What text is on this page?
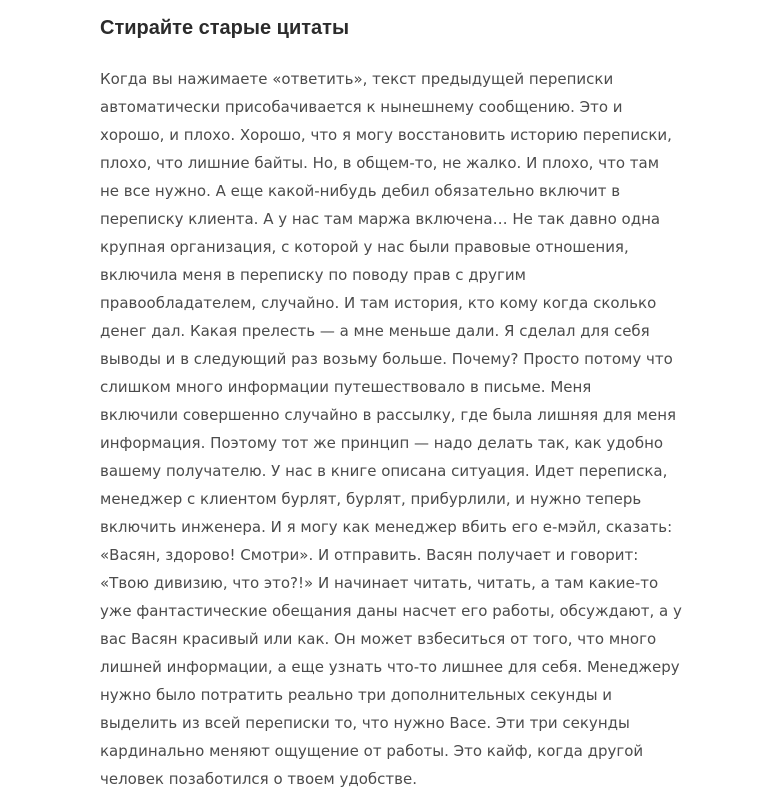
Стирайте старые цитаты

Когда вы нажимаете «ответить», текст предыдущей переписки
автоматически присобачивается к нынешнему сообщению. Это и
хорошо, и плохо. Хорошо, что я могу восстановить историю переписки,
плохо, что лишние байты. Но, в общем-то, не жалко. И плохо, что там
не все нужно. А еще какой-нибудь дебил обязательно включит в
переписку клиента. А у нас там маржа включена… Не так давно одна
крупная организация, с которой у нас были правовые отношения,
включила меня в переписку по поводу прав с другим
правообладателем, случайно. И там история, кто кому когда сколько
денег дал. Какая прелесть — а мне меньше дали. Я сделал для себя
выводы и в следующий раз возьму больше. Почему? Просто потому что
слишком много информации путешествовало в письме. Меня
включили совершенно случайно в рассылку, где была лишняя для меня
информация. Поэтому тот же принцип — надо делать так, как удобно
вашему получателю. У нас в книге описана ситуация. Идет переписка,
менеджер с клиентом бурлят, бурлят, прибурлили, и нужно теперь
включить инженера. И я могу как менеджер вбить его е-мэйл, сказать:
«Васян, здорово! Смотри». И отправить. Васян получает и говорит:
«Твою дивизию, что это?!» И начинает читать, читать, а там какие-то
уже фантастические обещания даны насчет его работы, обсуждают, а у
вас Васян красивый или как. Он может взбеситься от того, что много
лишней информации, а еще узнать что-то лишнее для себя. Менеджеру
нужно было потратить реально три дополнительных секунды и
выделить из всей переписки то, что нужно Васе. Эти три секунды
кардинально меняют ощущение от работы. Это кайф, когда другой
человек позаботился о твоем удобстве.
